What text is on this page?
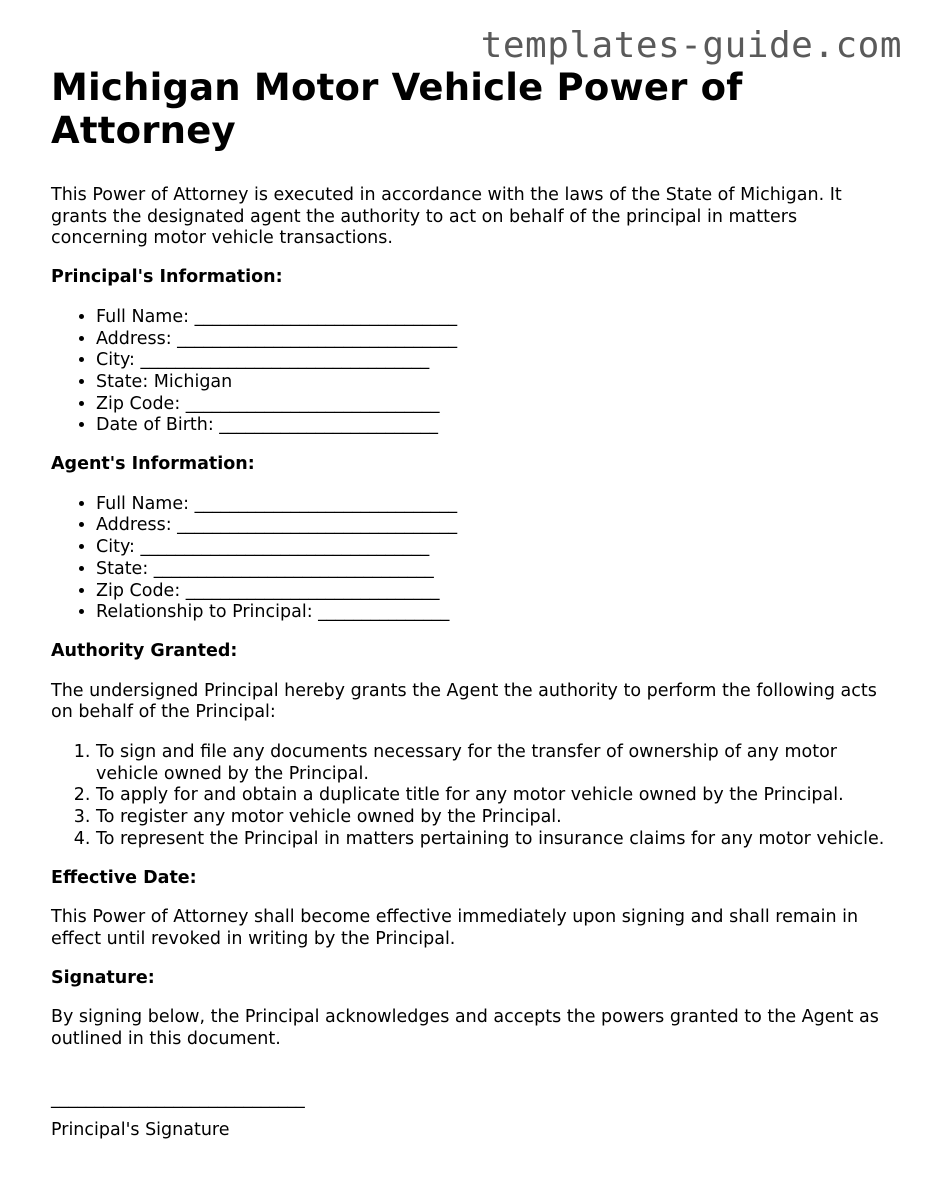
templates-guide.com
Michigan Motor Vehicle Power of Attorney

This Power of Attorney is executed in accordance with the laws of the State of Michigan. It grants the designated agent the authority to act on behalf of the principal in matters concerning motor vehicle transactions.

Principal's Information:
• Full Name: ______________________________
• Address: ________________________________
• City: _________________________________
• State: Michigan
• Zip Code: _____________________________
• Date of Birth: _________________________
Agent's Information:
• Full Name: ______________________________
• Address: ________________________________
• City: _________________________________
• State: ________________________________
• Zip Code: _____________________________
• Relationship to Principal: _______________
Authority Granted:

The undersigned Principal hereby grants the Agent the authority to perform the following acts on behalf of the Principal:

1. To sign and file any documents necessary for the transfer of ownership of any motor vehicle owned by the Principal.
2. To apply for and obtain a duplicate title for any motor vehicle owned by the Principal.
3. To register any motor vehicle owned by the Principal.
4. To represent the Principal in matters pertaining to insurance claims for any motor vehicle.
Effective Date:

This Power of Attorney shall become effective immediately upon signing and shall remain in effect until revoked in writing by the Principal.

Signature:

By signing below, the Principal acknowledges and accepts the powers granted to the Agent as outlined in this document.

_____________________________

Principal's Signature
